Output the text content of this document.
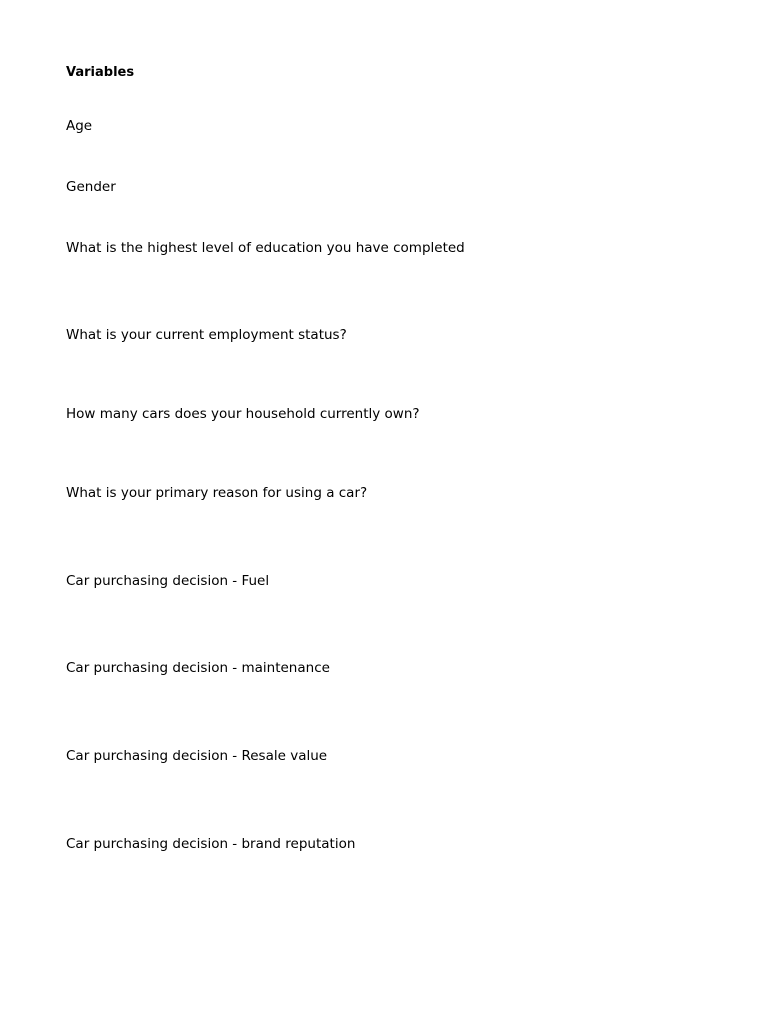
Variables

Age

Gender

What is the highest level of education you have completed

What is your current employment status?

How many cars does your household currently own?

What is your primary reason for using a car?

Car purchasing decision - Fuel

Car purchasing decision - maintenance

Car purchasing decision - Resale value

Car purchasing decision - brand reputation
